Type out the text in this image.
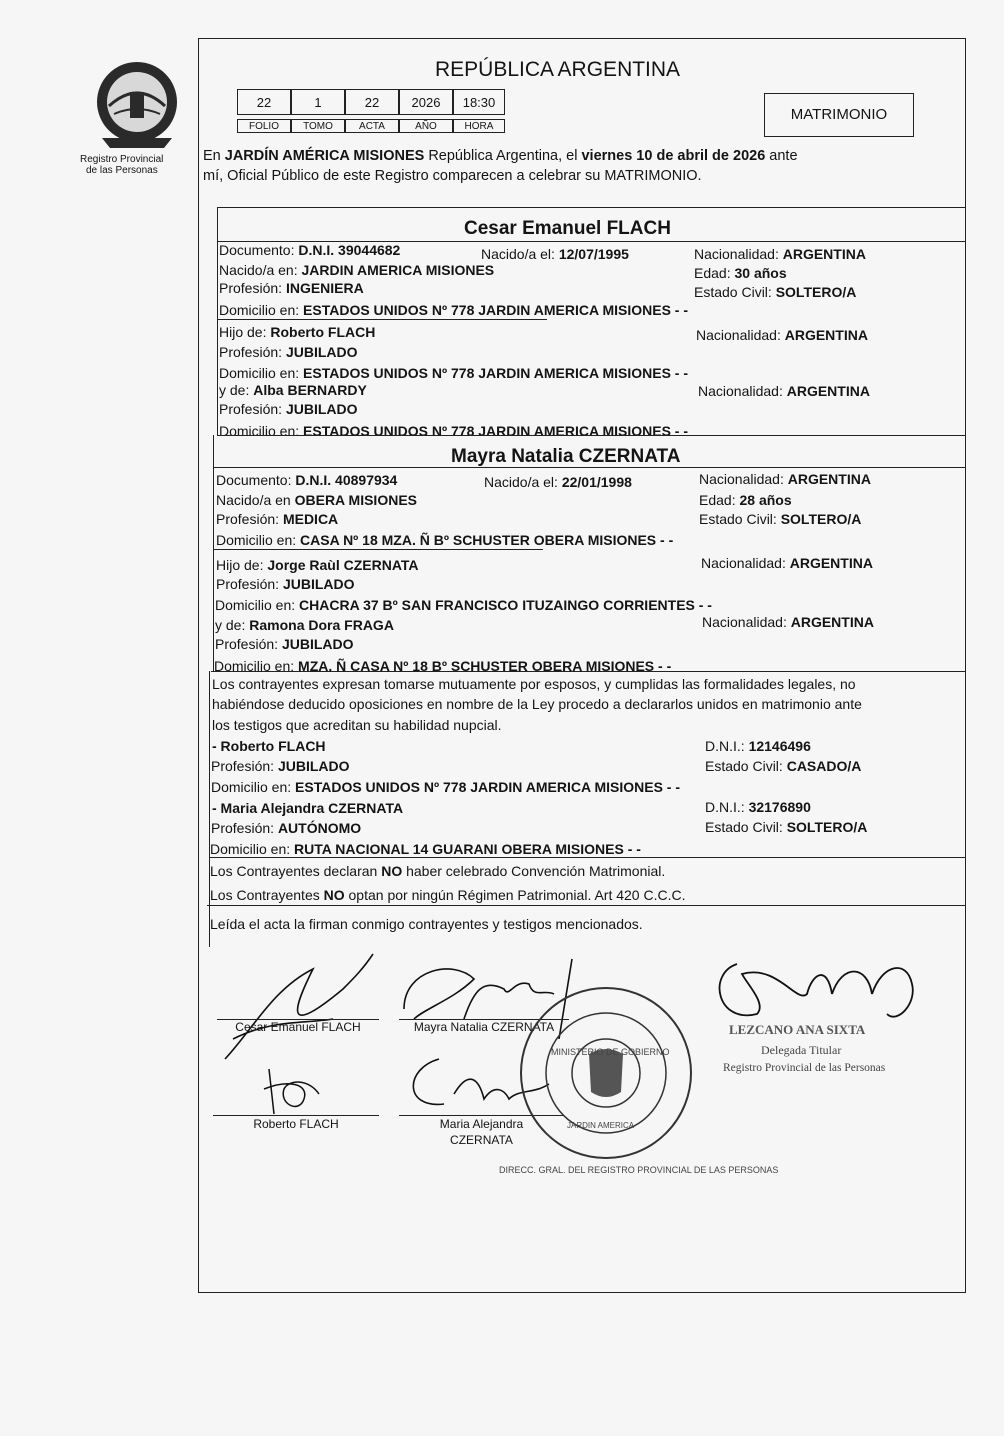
Registro Provincial
de las Personas
REPÚBLICA ARGENTINA
22	1	22	2026	18:30
FOLIO	TOMO	ACTA	AÑO	HORA
MATRIMONIO
En JARDÍN AMÉRICA MISIONES República Argentina, el viernes 10 de abril de 2026 ante
mí, Oficial Público de este Registro comparecen a celebrar su MATRIMONIO.
Cesar Emanuel FLACH
Documento: D.N.I. 39044682	Nacido/a el: 12/07/1995	Nacionalidad: ARGENTINA
Nacido/a en: JARDIN AMERICA MISIONES	Edad: 30 años
Profesión: INGENIERA	Estado Civil: SOLTERO/A
Domicilio en: ESTADOS UNIDOS Nº 778 JARDIN AMERICA MISIONES - -
Hijo de: Roberto FLACH	Nacionalidad: ARGENTINA
Profesión: JUBILADO
Domicilio en: ESTADOS UNIDOS Nº 778 JARDIN AMERICA MISIONES - -
y de: Alba BERNARDY	Nacionalidad: ARGENTINA
Profesión: JUBILADO
Domicilio en: ESTADOS UNIDOS Nº 778 JARDIN AMERICA MISIONES - -
Mayra Natalia CZERNATA
Documento: D.N.I. 40897934	Nacido/a el: 22/01/1998	Nacionalidad: ARGENTINA
Nacido/a en OBERA MISIONES	Edad: 28 años
Profesión: MEDICA	Estado Civil: SOLTERO/A
Domicilio en: CASA Nº 18 MZA. Ñ Bº SCHUSTER OBERA MISIONES - -
Hijo de: Jorge Raùl CZERNATA	Nacionalidad: ARGENTINA
Profesión: JUBILADO
Domicilio en: CHACRA 37 Bº SAN FRANCISCO ITUZAINGO CORRIENTES - -
y de: Ramona Dora FRAGA	Nacionalidad: ARGENTINA
Profesión: JUBILADO
Domicilio en: MZA. Ñ CASA Nº 18 Bº SCHUSTER OBERA MISIONES - -
Los contrayentes expresan tomarse mutuamente por esposos, y cumplidas las formalidades legales, no
habiéndose deducido oposiciones en nombre de la Ley procedo a declararlos unidos en matrimonio ante
los testigos que acreditan su habilidad nupcial.
- Roberto FLACH	D.N.I.: 12146496
Profesión: JUBILADO	Estado Civil: CASADO/A
Domicilio en: ESTADOS UNIDOS Nº 778 JARDIN AMERICA MISIONES - -
- Maria Alejandra CZERNATA	D.N.I.: 32176890
Profesión: AUTÓNOMO	Estado Civil: SOLTERO/A
Domicilio en: RUTA NACIONAL 14 GUARANI OBERA MISIONES - -
Los Contrayentes declaran NO haber celebrado Convención Matrimonial.
Los Contrayentes NO optan por ningún Régimen Patrimonial. Art 420 C.C.C.
Leída el acta la firman conmigo contrayentes y testigos mencionados.
Cesar Emanuel FLACH	Mayra Natalia CZERNATA
Roberto FLACH	Maria Alejandra
CZERNATA
DIRECC. GRAL. DEL REGISTRO PROVINCIAL DE LAS PERSONAS
MINISTERIO DE GOBIERNO
JARDIN AMERICA
LEZCANO ANA SIXTA
Delegada Titular
Registro Provincial de las Personas
